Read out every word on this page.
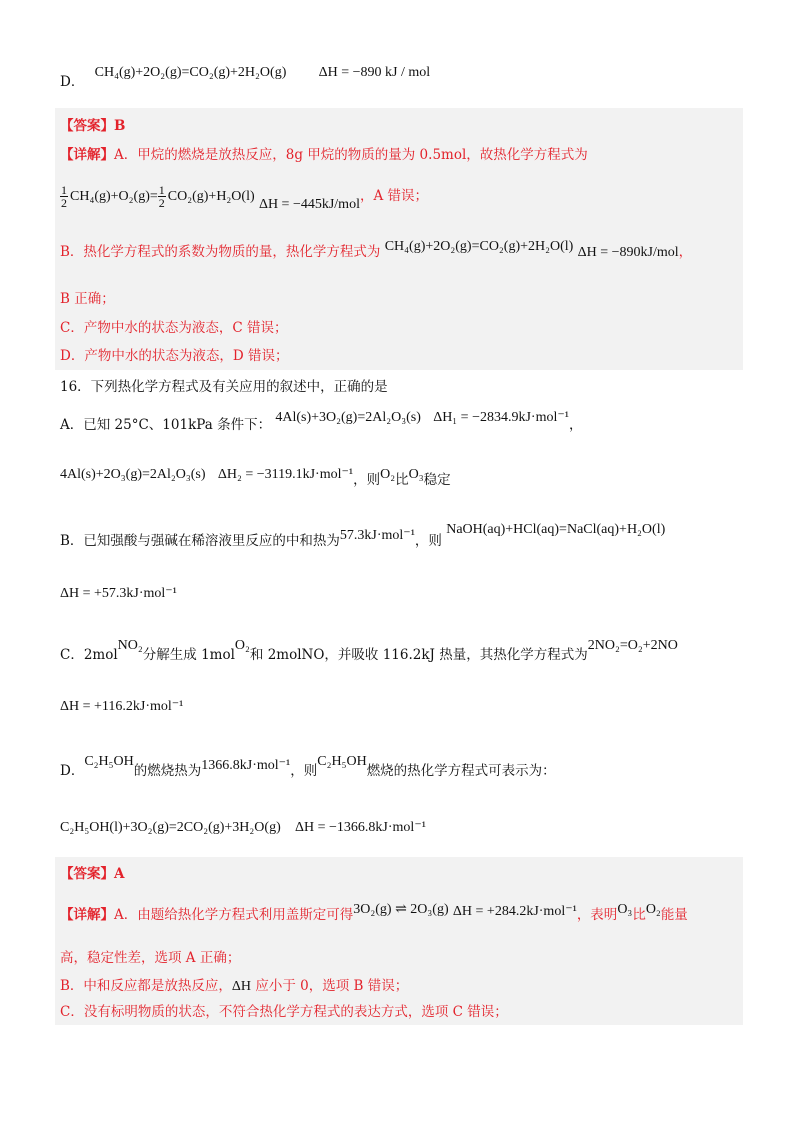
D． CH₄(g)+2O₂(g)=CO₂(g)+2H₂O(g) ΔH = −890 kJ / mol
【答案】B
【详解】A．甲烷的燃烧是放热反应，8g 甲烷的物质的量为 0.5mol，故热化学方程式为
$\frac{1}{2} CH_4(g)+O_2(g)= \frac{1}{2} CO_2(g)+H_2O(l) \Delta H = -445kJ/mol$，A 错误；
B．热化学方程式的系数为物质的量，热化学方程式为 CH₄(g)+2O₂(g)=CO₂(g)+2H₂O(l) ΔH = −890kJ/mol，
B 正确；
C．产物中水的状态为液态，C 错误；
D．产物中水的状态为液态，D 错误；
16．下列热化学方程式及有关应用的叙述中，正确的是
A．已知 25°C、101kPa 条件下： 4Al(s)+3O₂(g)=2Al₂O₃(s) ΔH₁ = −2834.9kJ·mol⁻¹，
4Al(s)+2O₃(g)=2Al₂O₃(s) ΔH₂ = −3119.1kJ·mol⁻¹，则O₂比O₃稳定
B．已知强酸与强碱在稀溶液里反应的中和热为57.3kJ·mol⁻¹，则 NaOH(aq)+HCl(aq)=NaCl(aq)+H₂O(l)
ΔH = +57.3kJ·mol⁻¹
C．2molNO₂分解生成 1molO₂和 2molNO，并吸收 116.2kJ 热量，其热化学方程式为2NO₂=O₂+2NO
ΔH = +116.2kJ·mol⁻¹
D．C₂H₅OH的燃烧热为1366.8kJ·mol⁻¹，则C₂H₅OH燃烧的热化学方程式可表示为：
C₂H₅OH(l)+3O₂(g)=2CO₂(g)+3H₂O(g) ΔH = −1366.8kJ·mol⁻¹
【答案】A
【详解】A．由题给热化学方程式利用盖斯定可得3O₂(g) ⇌ 2O₃(g) ΔH = +284.2kJ·mol⁻¹，表明O₃比O₂能量
高，稳定性差，选项 A 正确；
B．中和反应都是放热反应，ΔH 应小于 0，选项 B 错误；
C．没有标明物质的状态，不符合热化学方程式的表达方式，选项 C 错误；
